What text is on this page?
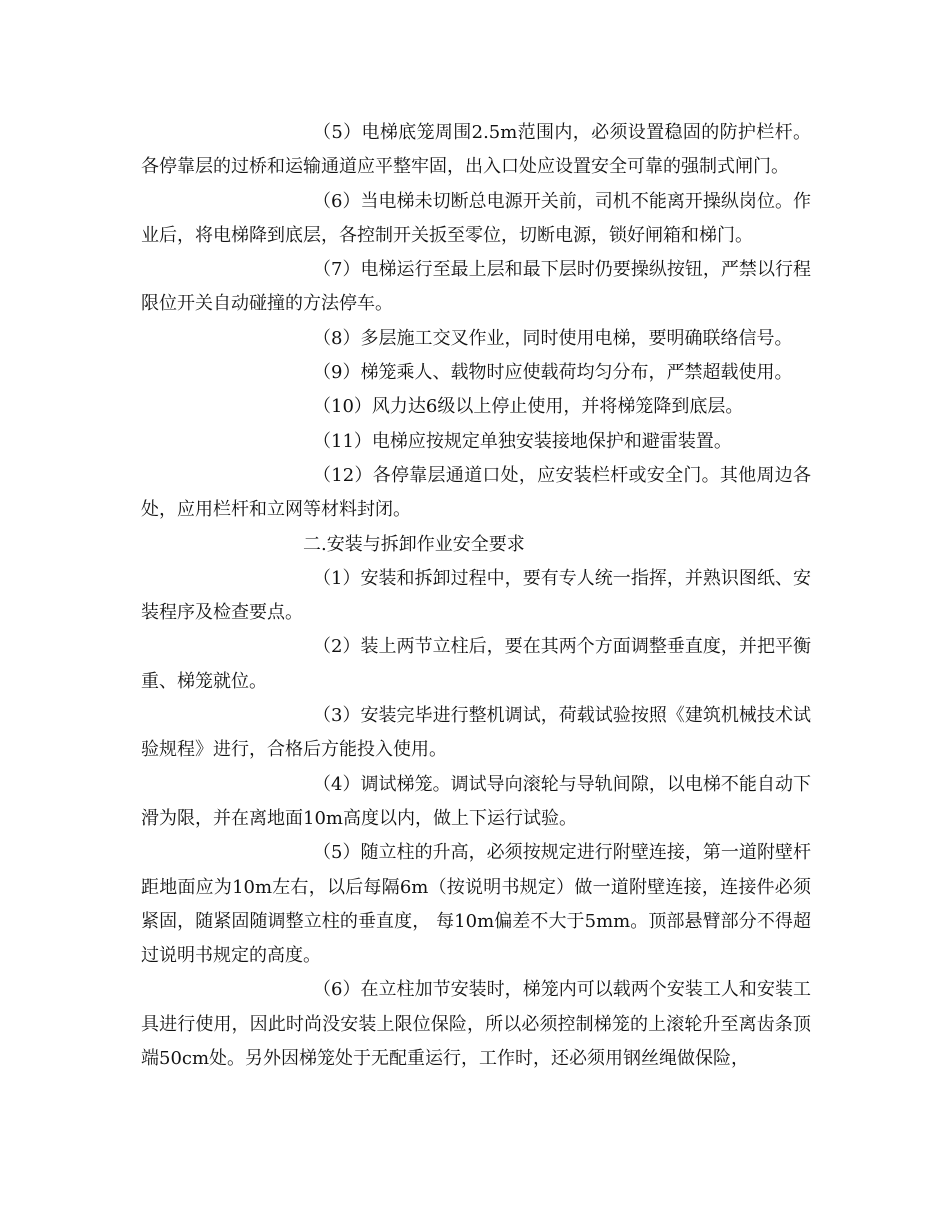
（5）电梯底笼周围2.5m范围内，必须设置稳固的防护栏杆。各停靠层的过桥和运输通道应平整牢固，出入口处应设置安全可靠的强制式闸门。

（6）当电梯未切断总电源开关前，司机不能离开操纵岗位。作业后，将电梯降到底层，各控制开关扳至零位，切断电源，锁好闸箱和梯门。

（7）电梯运行至最上层和最下层时仍要操纵按钮，严禁以行程限位开关自动碰撞的方法停车。

（8）多层施工交叉作业，同时使用电梯，要明确联络信号。

（9）梯笼乘人、载物时应使载荷均匀分布，严禁超载使用。

（10）风力达6级以上停止使用，并将梯笼降到底层。

（11）电梯应按规定单独安装接地保护和避雷装置。

（12）各停靠层通道口处，应安装栏杆或安全门。其他周边各处，应用栏杆和立网等材料封闭。

二.安装与拆卸作业安全要求

（1）安装和拆卸过程中，要有专人统一指挥，并熟识图纸、安装程序及检查要点。

（2）装上两节立柱后，要在其两个方面调整垂直度，并把平衡重、梯笼就位。

（3）安装完毕进行整机调试，荷载试验按照《建筑机械技术试验规程》进行，合格后方能投入使用。

（4）调试梯笼。调试导向滚轮与导轨间隙，以电梯不能自动下滑为限，并在离地面10m高度以内，做上下运行试验。

（5）随立柱的升高，必须按规定进行附壁连接，第一道附壁杆距地面应为10m左右，以后每隔6m（按说明书规定）做一道附壁连接，连接件必须紧固，随紧固随调整立柱的垂直度， 每10m偏差不大于5mm。顶部悬臂部分不得超过说明书规定的高度。

（6）在立柱加节安装时，梯笼内可以载两个安装工人和安装工具进行使用，因此时尚没安装上限位保险，所以必须控制梯笼的上滚轮升至离齿条顶端50cm处。另外因梯笼处于无配重运行，工作时，还必须用钢丝绳做保险，
